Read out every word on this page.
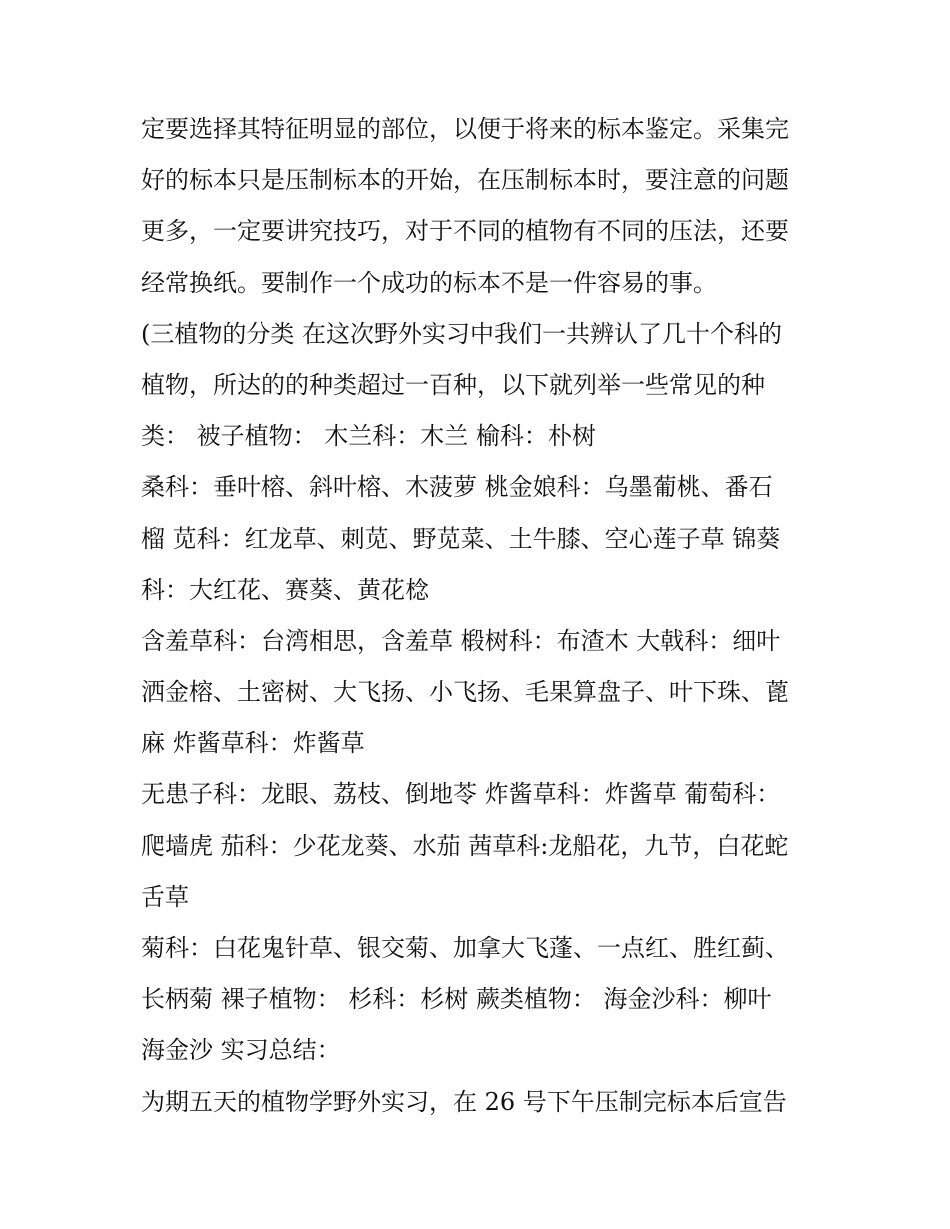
定要选择其特征明显的部位，以便于将来的标本鉴定。采集完
好的标本只是压制标本的开始，在压制标本时，要注意的问题
更多，一定要讲究技巧，对于不同的植物有不同的压法，还要
经常换纸。要制作一个成功的标本不是一件容易的事。
(三植物的分类 在这次野外实习中我们一共辨认了几十个科的
植物，所达的的种类超过一百种，以下就列举一些常见的种
类： 被子植物： 木兰科：木兰 榆科：朴树
桑科：垂叶榕、斜叶榕、木菠萝 桃金娘科：乌墨葡桃、番石
榴 苋科：红龙草、刺苋、野苋菜、土牛膝、空心莲子草 锦葵
科：大红花、赛葵、黄花棯
含羞草科：台湾相思，含羞草 椴树科：布渣木 大戟科：细叶
洒金榕、土密树、大飞扬、小飞扬、毛果算盘子、叶下珠、蓖
麻 炸酱草科：炸酱草
无患子科：龙眼、荔枝、倒地苓 炸酱草科：炸酱草 葡萄科：
爬墙虎 茄科：少花龙葵、水茄 茜草科:龙船花，九节，白花蛇
舌草
菊科：白花鬼针草、银交菊、加拿大飞蓬、一点红、胜红蓟、
长柄菊 裸子植物： 杉科：杉树 蕨类植物： 海金沙科：柳叶
海金沙 实习总结：
为期五天的植物学野外实习，在 26 号下午压制完标本后宣告
